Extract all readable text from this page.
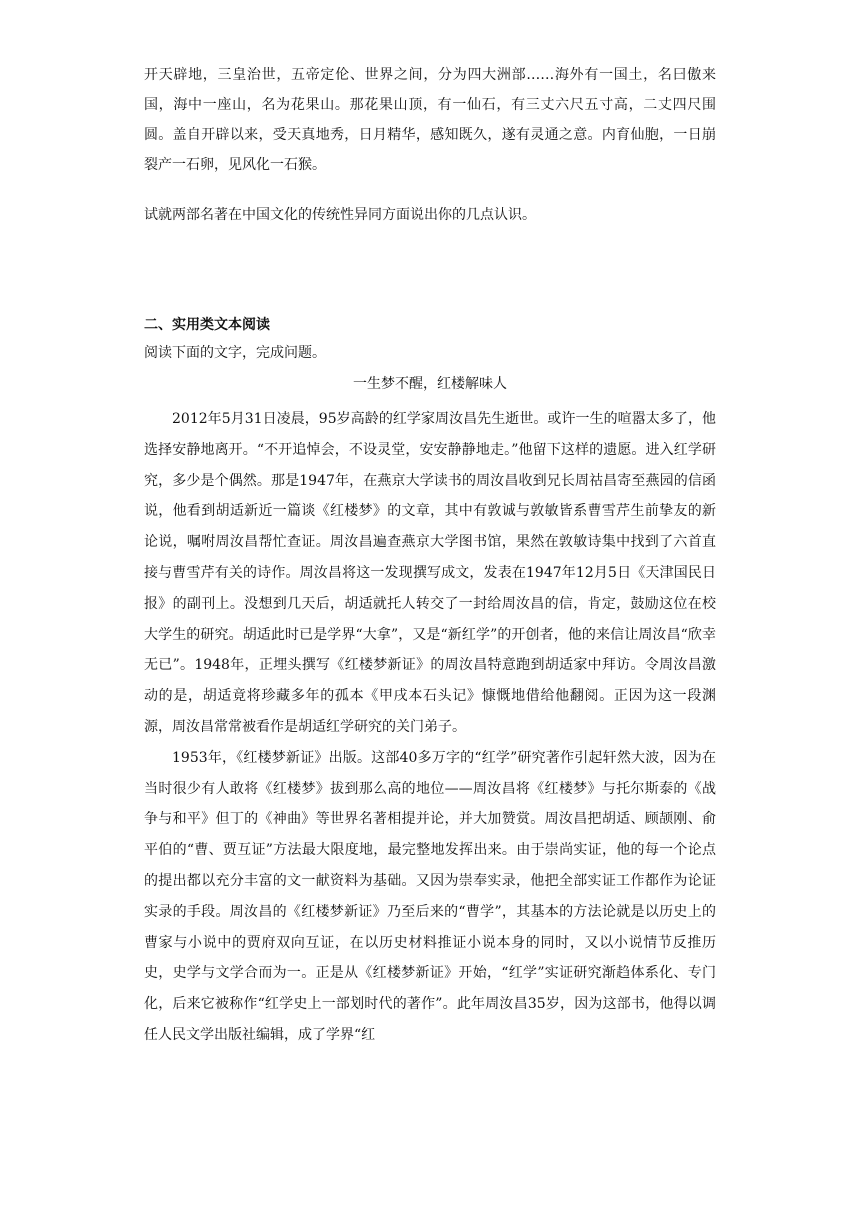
开天辟地，三皇治世，五帝定伦、世界之间，分为四大洲部……海外有一国土，名曰傲来国，海中一座山，名为花果山。那花果山顶，有一仙石，有三丈六尺五寸高，二丈四尺围圆。盖自开辟以来，受天真地秀，日月精华，感知既久，遂有灵通之意。内育仙胞，一日崩裂产一石卵，见风化一石猴。

试就两部名著在中国文化的传统性异同方面说出你的几点认识。
二、实用类文本阅读
阅读下面的文字，完成问题。
一生梦不醒，红楼解味人

2012年5月31日凌晨，95岁高龄的红学家周汝昌先生逝世。或许一生的喧嚣太多了，他选择安静地离开。“不开追悼会，不设灵堂，安安静静地走。”他留下这样的遗愿。进入红学研究，多少是个偶然。那是1947年，在燕京大学读书的周汝昌收到兄长周祜昌寄至燕园的信函说，他看到胡适新近一篇谈《红楼梦》的文章，其中有敦诚与敦敏皆系曹雪芹生前挚友的新论说，嘱咐周汝昌帮忙查证。周汝昌遍查燕京大学图书馆，果然在敦敏诗集中找到了六首直接与曹雪芹有关的诗作。周汝昌将这一发现撰写成文，发表在1947年12月5日《天津国民日报》的副刊上。没想到几天后，胡适就托人转交了一封给周汝昌的信，肯定，鼓励这位在校大学生的研究。胡适此时已是学界“大拿”，又是“新红学”的开创者，他的来信让周汝昌“欣幸无已”。1948年，正埋头撰写《红楼梦新证》的周汝昌特意跑到胡适家中拜访。令周汝昌激动的是，胡适竟将珍藏多年的孤本《甲戌本石头记》慷慨地借给他翻阅。正因为这一段渊源，周汝昌常常被看作是胡适红学研究的关门弟子。

1953年，《红楼梦新证》出版。这部40多万字的“红学”研究著作引起轩然大波，因为在当时很少有人敢将《红楼梦》拔到那么高的地位——周汝昌将《红楼梦》与托尔斯泰的《战争与和平》但丁的《神曲》等世界名著相提并论，并大加赞赏。周汝昌把胡适、顾颉刚、俞平伯的“曹、贾互证”方法最大限度地，最完整地发挥出来。由于崇尚实证，他的每一个论点的提出都以充分丰富的文一献资料为基础。又因为崇奉实录，他把全部实证工作都作为论证实录的手段。周汝昌的《红楼梦新证》乃至后来的“曹学”，其基本的方法论就是以历史上的曹家与小说中的贾府双向互证，在以历史材料推证小说本身的同时，又以小说情节反推历史，史学与文学合而为一。正是从《红楼梦新证》开始，“红学”实证研究渐趋体系化、专门化，后来它被称作“红学史上一部划时代的著作”。此年周汝昌35岁，因为这部书，他得以调任人民文学出版社编辑，成了学界“红
